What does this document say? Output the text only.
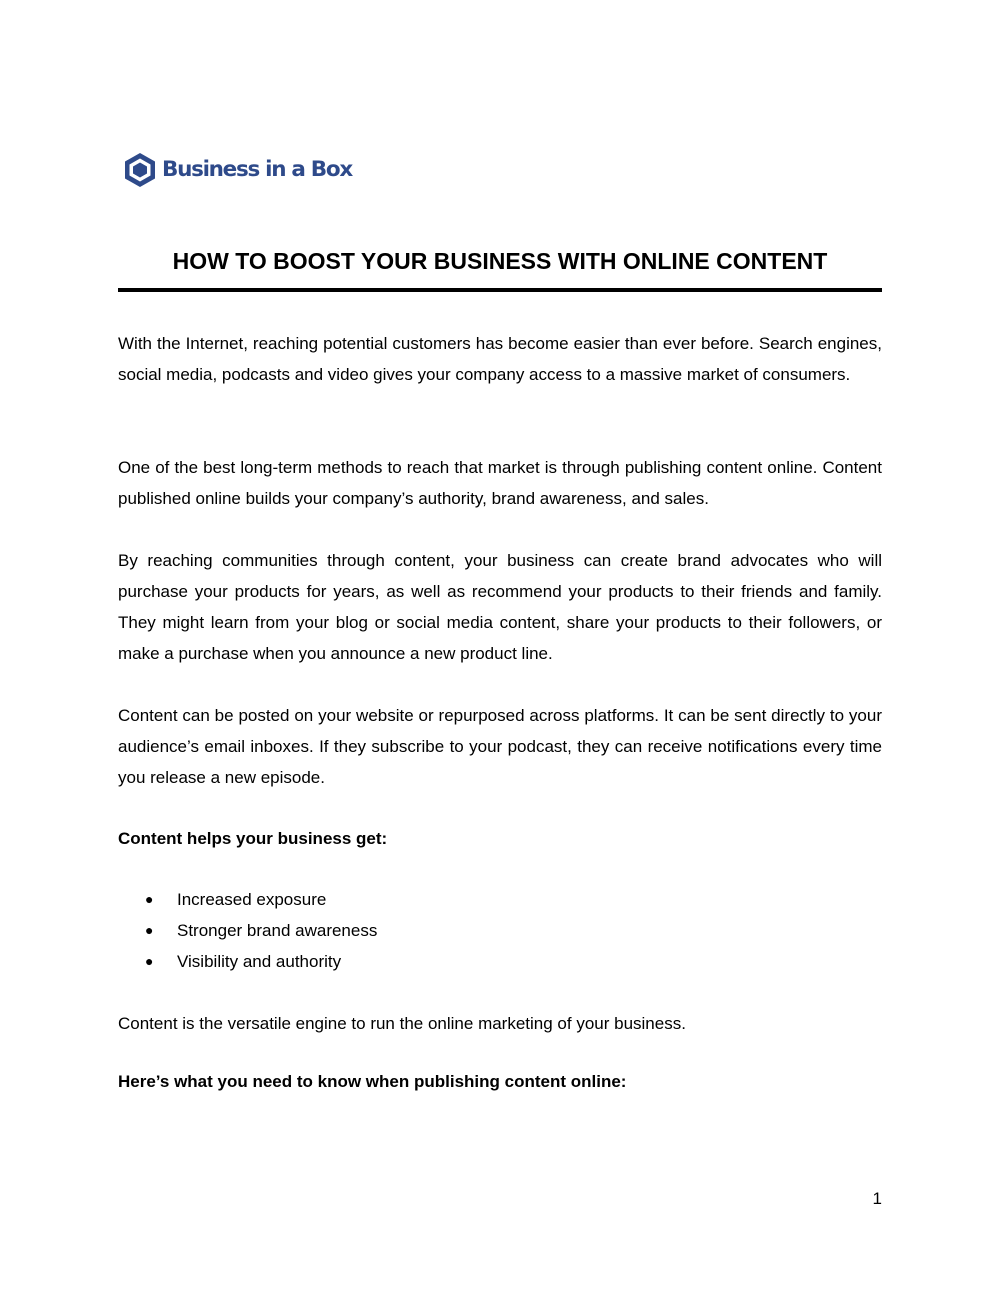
Business in a Box
HOW TO BOOST YOUR BUSINESS WITH ONLINE CONTENT

With the Internet, reaching potential customers has become easier than ever before. Search engines, social media, podcasts and video gives your company access to a massive market of consumers.

One of the best long-term methods to reach that market is through publishing content online. Content published online builds your company’s authority, brand awareness, and sales.

By reaching communities through content, your business can create brand advocates who will purchase your products for years, as well as recommend your products to their friends and family. They might learn from your blog or social media content, share your products to their followers, or make a purchase when you announce a new product line.

Content can be posted on your website or repurposed across platforms. It can be sent directly to your audience’s email inboxes. If they subscribe to your podcast, they can receive notifications every time you release a new episode.

Content helps your business get:

● Increased exposure
● Stronger brand awareness
● Visibility and authority

Content is the versatile engine to run the online marketing of your business.

Here’s what you need to know when publishing content online:

1
